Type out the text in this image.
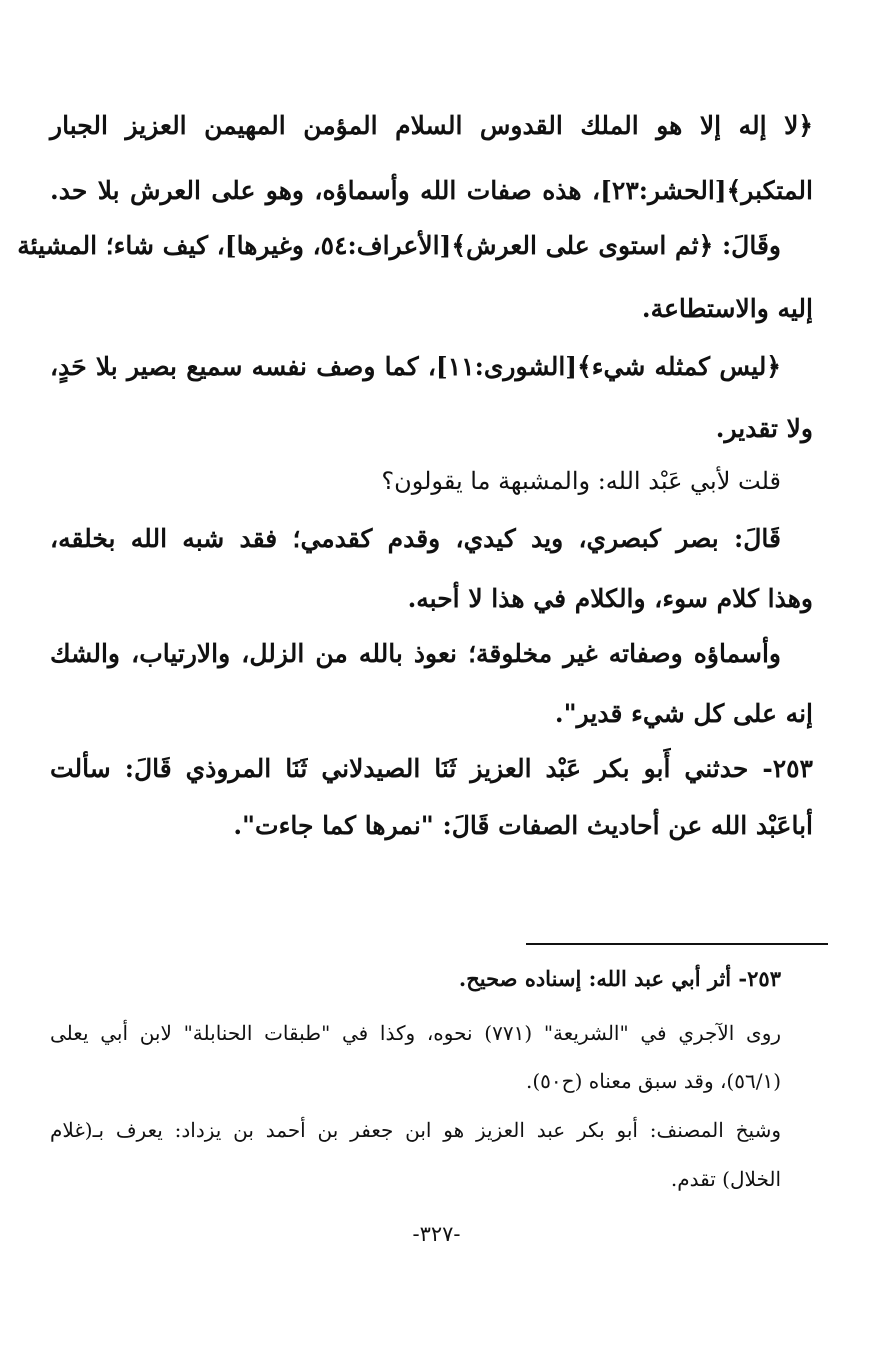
﴿لا إله إلا هو الملك القدوس السلام المؤمن المهيمن العزيز الجبار
المتكبر﴾[الحشر:٢٣]، هذه صفات الله وأسماؤه، وهو على العرش بلا حد.
وقَالَ: ﴿ثم استوى على العرش﴾[الأعراف:٥٤، وغيرها]، كيف شاء؛ المشيئة
إليه والاستطاعة.
﴿ليس كمثله شيء﴾[الشورى:١١]، كما وصف نفسه سميع بصير بلا حَدٍ،
ولا تقدير.
قلت لأبي عَبْد الله: والمشبهة ما يقولون؟
قَالَ: بصر كبصري، ويد كيدي، وقدم كقدمي؛ فقد شبه الله بخلقه،
وهذا كلام سوء، والكلام في هذا لا أحبه.
وأسماؤه وصفاته غير مخلوقة؛ نعوذ بالله من الزلل، والارتياب، والشك
إنه على كل شيء قدير".
٢٥٣- حدثني أَبو بكر عَبْد العزيز ثَنَا الصيدلاني ثَنَا المروذي قَالَ: سألت
أباعَبْد الله عن أحاديث الصفات قَالَ: "نمرها كما جاءت".
٢٥٣- أثر أبي عبد الله: إسناده صحيح.
روى الآجري في "الشريعة" (٧٧١) نحوه، وكذا في "طبقات الحنابلة" لابن أبي يعلى
(٥٦/١)، وقد سبق معناه (ح٥٠).
وشيخ المصنف: أبو بكر عبد العزيز هو ابن جعفر بن أحمد بن يزداد: يعرف بـ(غلام
الخلال) تقدم.
-٣٢٧-
